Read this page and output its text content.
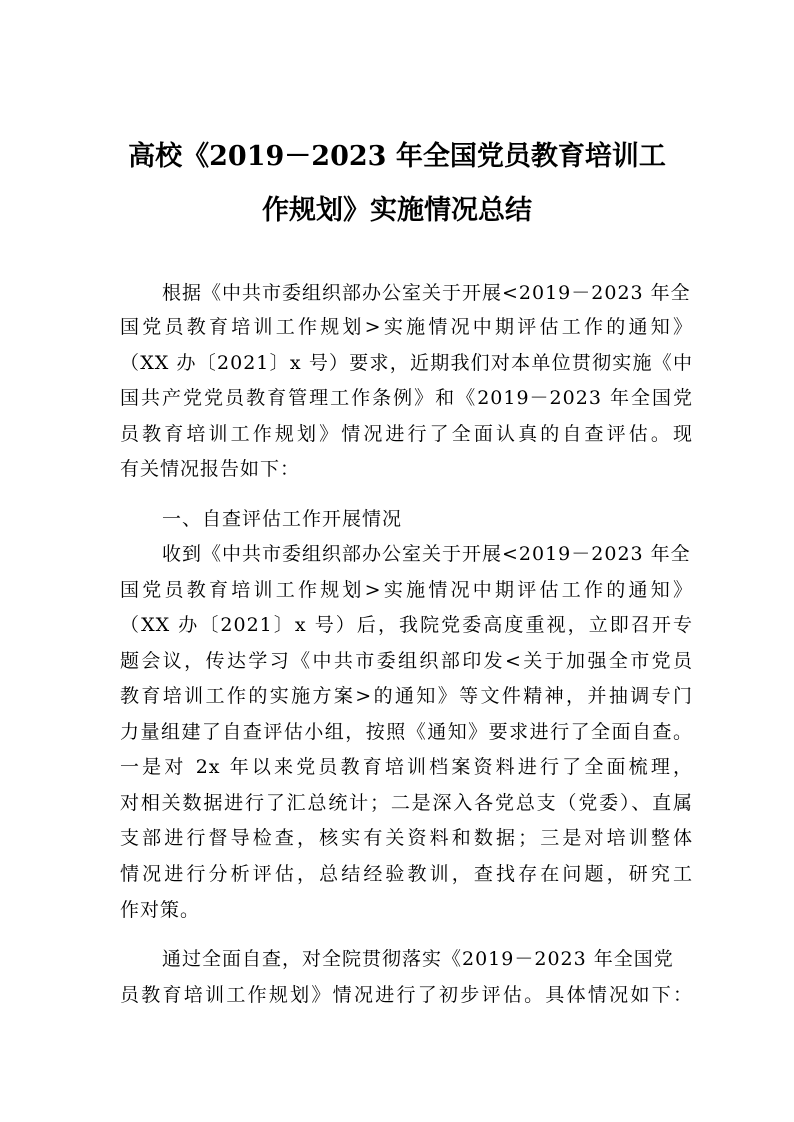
高校《2019－2023 年全国党员教育培训工
作规划》实施情况总结
根据《中共市委组织部办公室关于开展<2019－2023 年全
国党员教育培训工作规划>实施情况中期评估工作的通知》
（XX 办〔2021〕x 号）要求，近期我们对本单位贯彻实施《中
国共产党党员教育管理工作条例》和《2019－2023 年全国党
员教育培训工作规划》情况进行了全面认真的自查评估。现
有关情况报告如下：
一、自查评估工作开展情况
收到《中共市委组织部办公室关于开展<2019－2023 年全
国党员教育培训工作规划>实施情况中期评估工作的通知》
（XX 办〔2021〕x 号）后，我院党委高度重视，立即召开专
题会议，传达学习《中共市委组织部印发<关于加强全市党员
教育培训工作的实施方案>的通知》等文件精神，并抽调专门
力量组建了自查评估小组，按照《通知》要求进行了全面自查。
一是对 2x 年以来党员教育培训档案资料进行了全面梳理，
对相关数据进行了汇总统计；二是深入各党总支（党委）、直属
支部进行督导检查，核实有关资料和数据；三是对培训整体
情况进行分析评估，总结经验教训，查找存在问题，研究工
作对策。
通过全面自查，对全院贯彻落实《2019－2023 年全国党
员教育培训工作规划》情况进行了初步评估。具体情况如下：
